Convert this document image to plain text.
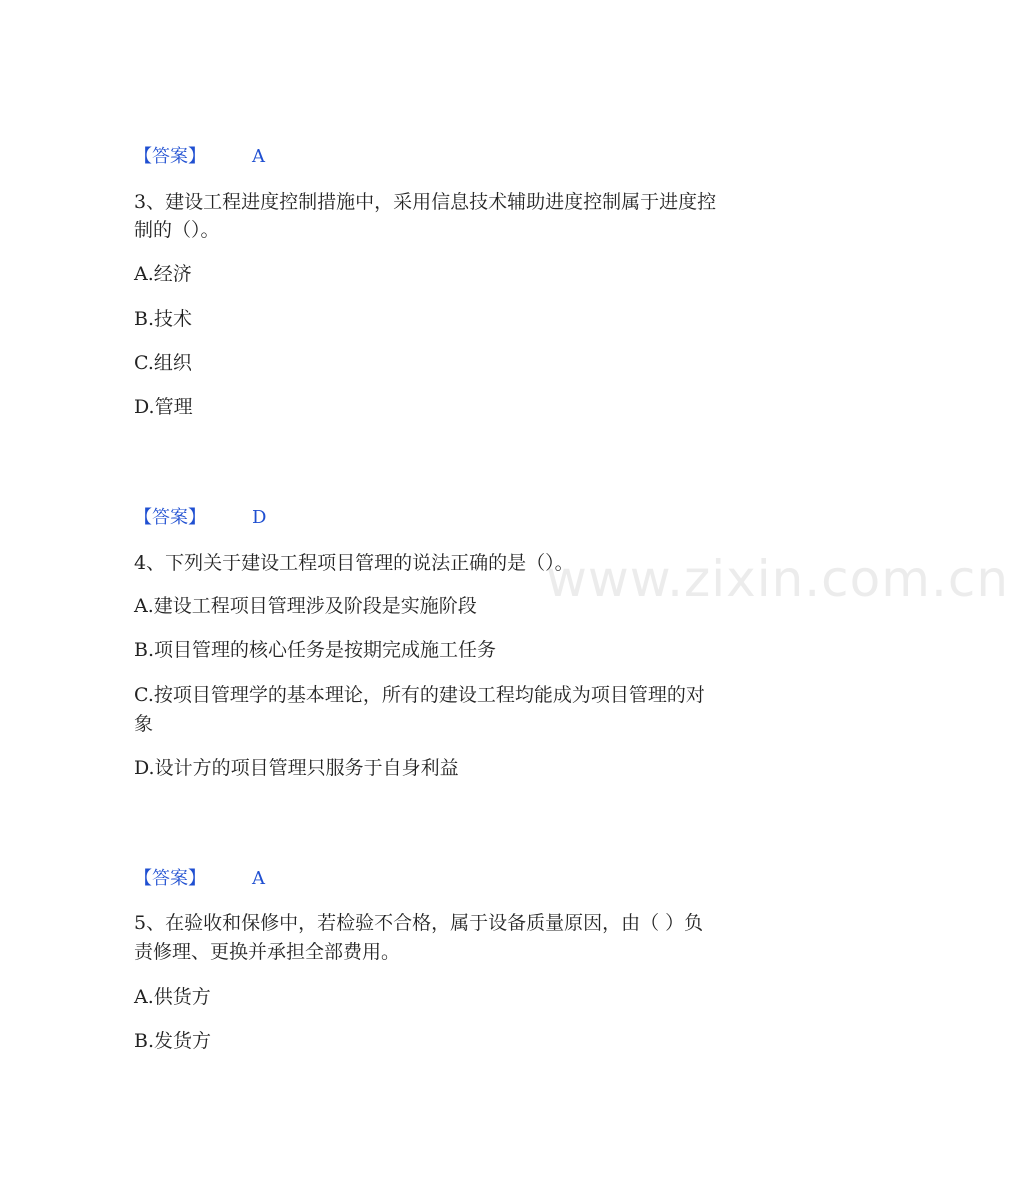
www.zixin.com.cn
【答案】	A
3、建设工程进度控制措施中，采用信息技术辅助进度控制属于进度控
制的（）。
A.经济
B.技术
C.组织
D.管理
【答案】	D
4、下列关于建设工程项目管理的说法正确的是（）。
A.建设工程项目管理涉及阶段是实施阶段
B.项目管理的核心任务是按期完成施工任务
C.按项目管理学的基本理论，所有的建设工程均能成为项目管理的对
象
D.设计方的项目管理只服务于自身利益
【答案】	A
5、在验收和保修中，若检验不合格，属于设备质量原因，由（ ）负
责修理、更换并承担全部费用。
A.供货方
B.发货方
